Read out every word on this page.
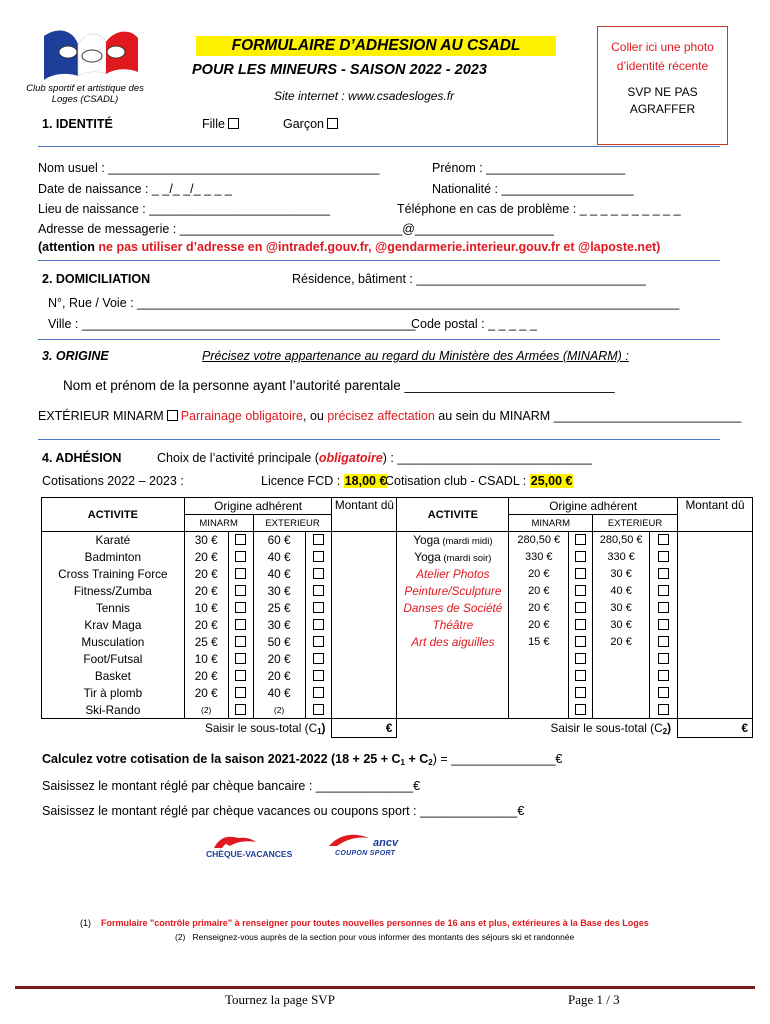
Club sportif et artistique des Loges (CSADL)
FORMULAIRE D’ADHESION AU CSADL
POUR LES MINEURS - SAISON 2022 - 2023
Site internet : www.csadesloges.fr
Coller ici une photo d’identité récente
SVP NE PAS AGRAFFER
1. IDENTITÉ	Fille	Garçon
Nom usuel : _______________________________________	Prénom : ____________________
Date de naissance : _ _/_ _/_ _ _ _	Nationalité : ___________________
Lieu de naissance : __________________________	Téléphone en cas de problème : _ _ _ _ _ _ _ _ _ _
Adresse de messagerie : ________________________________@____________________
(attention ne pas utiliser d’adresse en @intradef.gouv.fr, @gendarmerie.interieur.gouv.fr et @laposte.net)
2. DOMICILIATION	Résidence, bâtiment : _________________________________
N°, Rue / Voie : ______________________________________________________________________________
Ville : ________________________________________________
Code postal : _ _ _ _ _
3. ORIGINE	Précisez votre appartenance au regard du Ministère des Armées (MINARM) :
Nom et prénom de la personne ayant l’autorité parentale ____________________________
EXTÉRIEUR MINARM Parrainage obligatoire, ou précisez affectation au sein du MINARM ___________________________
4. ADHÉSION	Choix de l’activité principale (obligatoire) : ____________________________
Cotisations 2022 – 2023 :	Licence FCD : 18,00 €
Cotisation club - CSADL : 25,00 €
ACTIVITE	Origine adhérent				Montant dû	ACTIVITE	Origine adhérent				Montant dû
	MINARM		EXTERIEUR				MINARM		EXTERIEUR		
Karaté	30 €		60 €			Yoga (mardi midi)	280,50 €		280,50 €		
Badminton	20 €		40 €			Yoga (mardi soir)	330 €		330 €		
Cross Training Force	20 €		40 €			Atelier Photos	20 €		30 €		
Fitness/Zumba	20 €		30 €			Peinture/Sculpture	20 €		40 €		
Tennis	10 €		25 €			Danses de Société	20 €		30 €		
Krav Maga	20 €		30 €			Théâtre	20 €		30 €		
Musculation	25 €		50 €			Art des aiguilles	15 €		20 €		
Foot/Futsal	10 €		20 €								
Basket	20 €		20 €								
Tir à plomb	20 €		40 €								
Ski-Rando	(2)		(2)								
Saisir le sous-total (C1)					€	Saisir le sous-total (C2)					€
Calculez votre cotisation de la saison 2021-2022 (18 + 25 + C1 + C2) = _______________€
Saisissez le montant réglé par chèque bancaire : ______________€
Saisissez le montant réglé par chèque vacances ou coupons sport : ______________€
CHÈQUE-VACANCES
ancv
COUPON SPORT
(1) Formulaire "contrôle primaire" à renseigner pour toutes nouvelles personnes de 16 ans et plus, extérieures à la Base des Loges
(2) Renseignez-vous auprès de la section pour vous informer des montants des séjours ski et randonnée
Tournez la page SVP	Page 1 / 3
